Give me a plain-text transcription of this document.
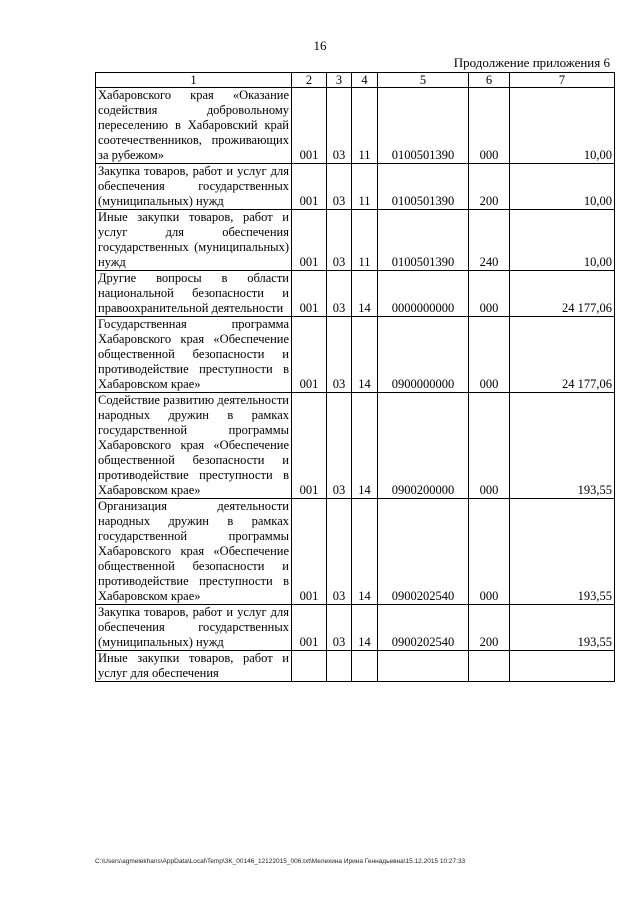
16
Продолжение приложения 6
1	2	3	4	5	6	7
Хабаровского края «Оказание содействия добровольному переселению в Хабаровский край соотечественников, проживающих за рубежом»	001	03	11	0100501390	000	10,00
Закупка товаров, работ и услуг для обеспечения государственных (муниципальных) нужд	001	03	11	0100501390	200	10,00
Иные закупки товаров, работ и услуг для обеспечения государственных (муниципальных) нужд	001	03	11	0100501390	240	10,00
Другие вопросы в области национальной безопасности и правоохранительной деятельности	001	03	14	0000000000	000	24 177,06
Государственная программа Хабаровского края «Обеспечение общественной безопасности и противодействие преступности в Хабаровском крае»	001	03	14	0900000000	000	24 177,06
Содействие развитию деятельности народных дружин в рамках государственной программы Хабаровского края «Обеспечение общественной безопасности и противодействие преступности в Хабаровском крае»	001	03	14	0900200000	000	193,55
Организация деятельности народных дружин в рамках государственной программы Хабаровского края «Обеспечение общественной безопасности и противодействие преступности в Хабаровском крае»	001	03	14	0900202540	000	193,55
Закупка товаров, работ и услуг для обеспечения государственных (муниципальных) нужд	001	03	14	0900202540	200	193,55
Иные закупки товаров, работ и услуг для обеспечения						
C:\Users\agmelekhans\AppData\Local\Temp\3K_00146_12122015_006.txt\Мелехина Ирина Геннадьевна\15.12.2015 10:27:33
